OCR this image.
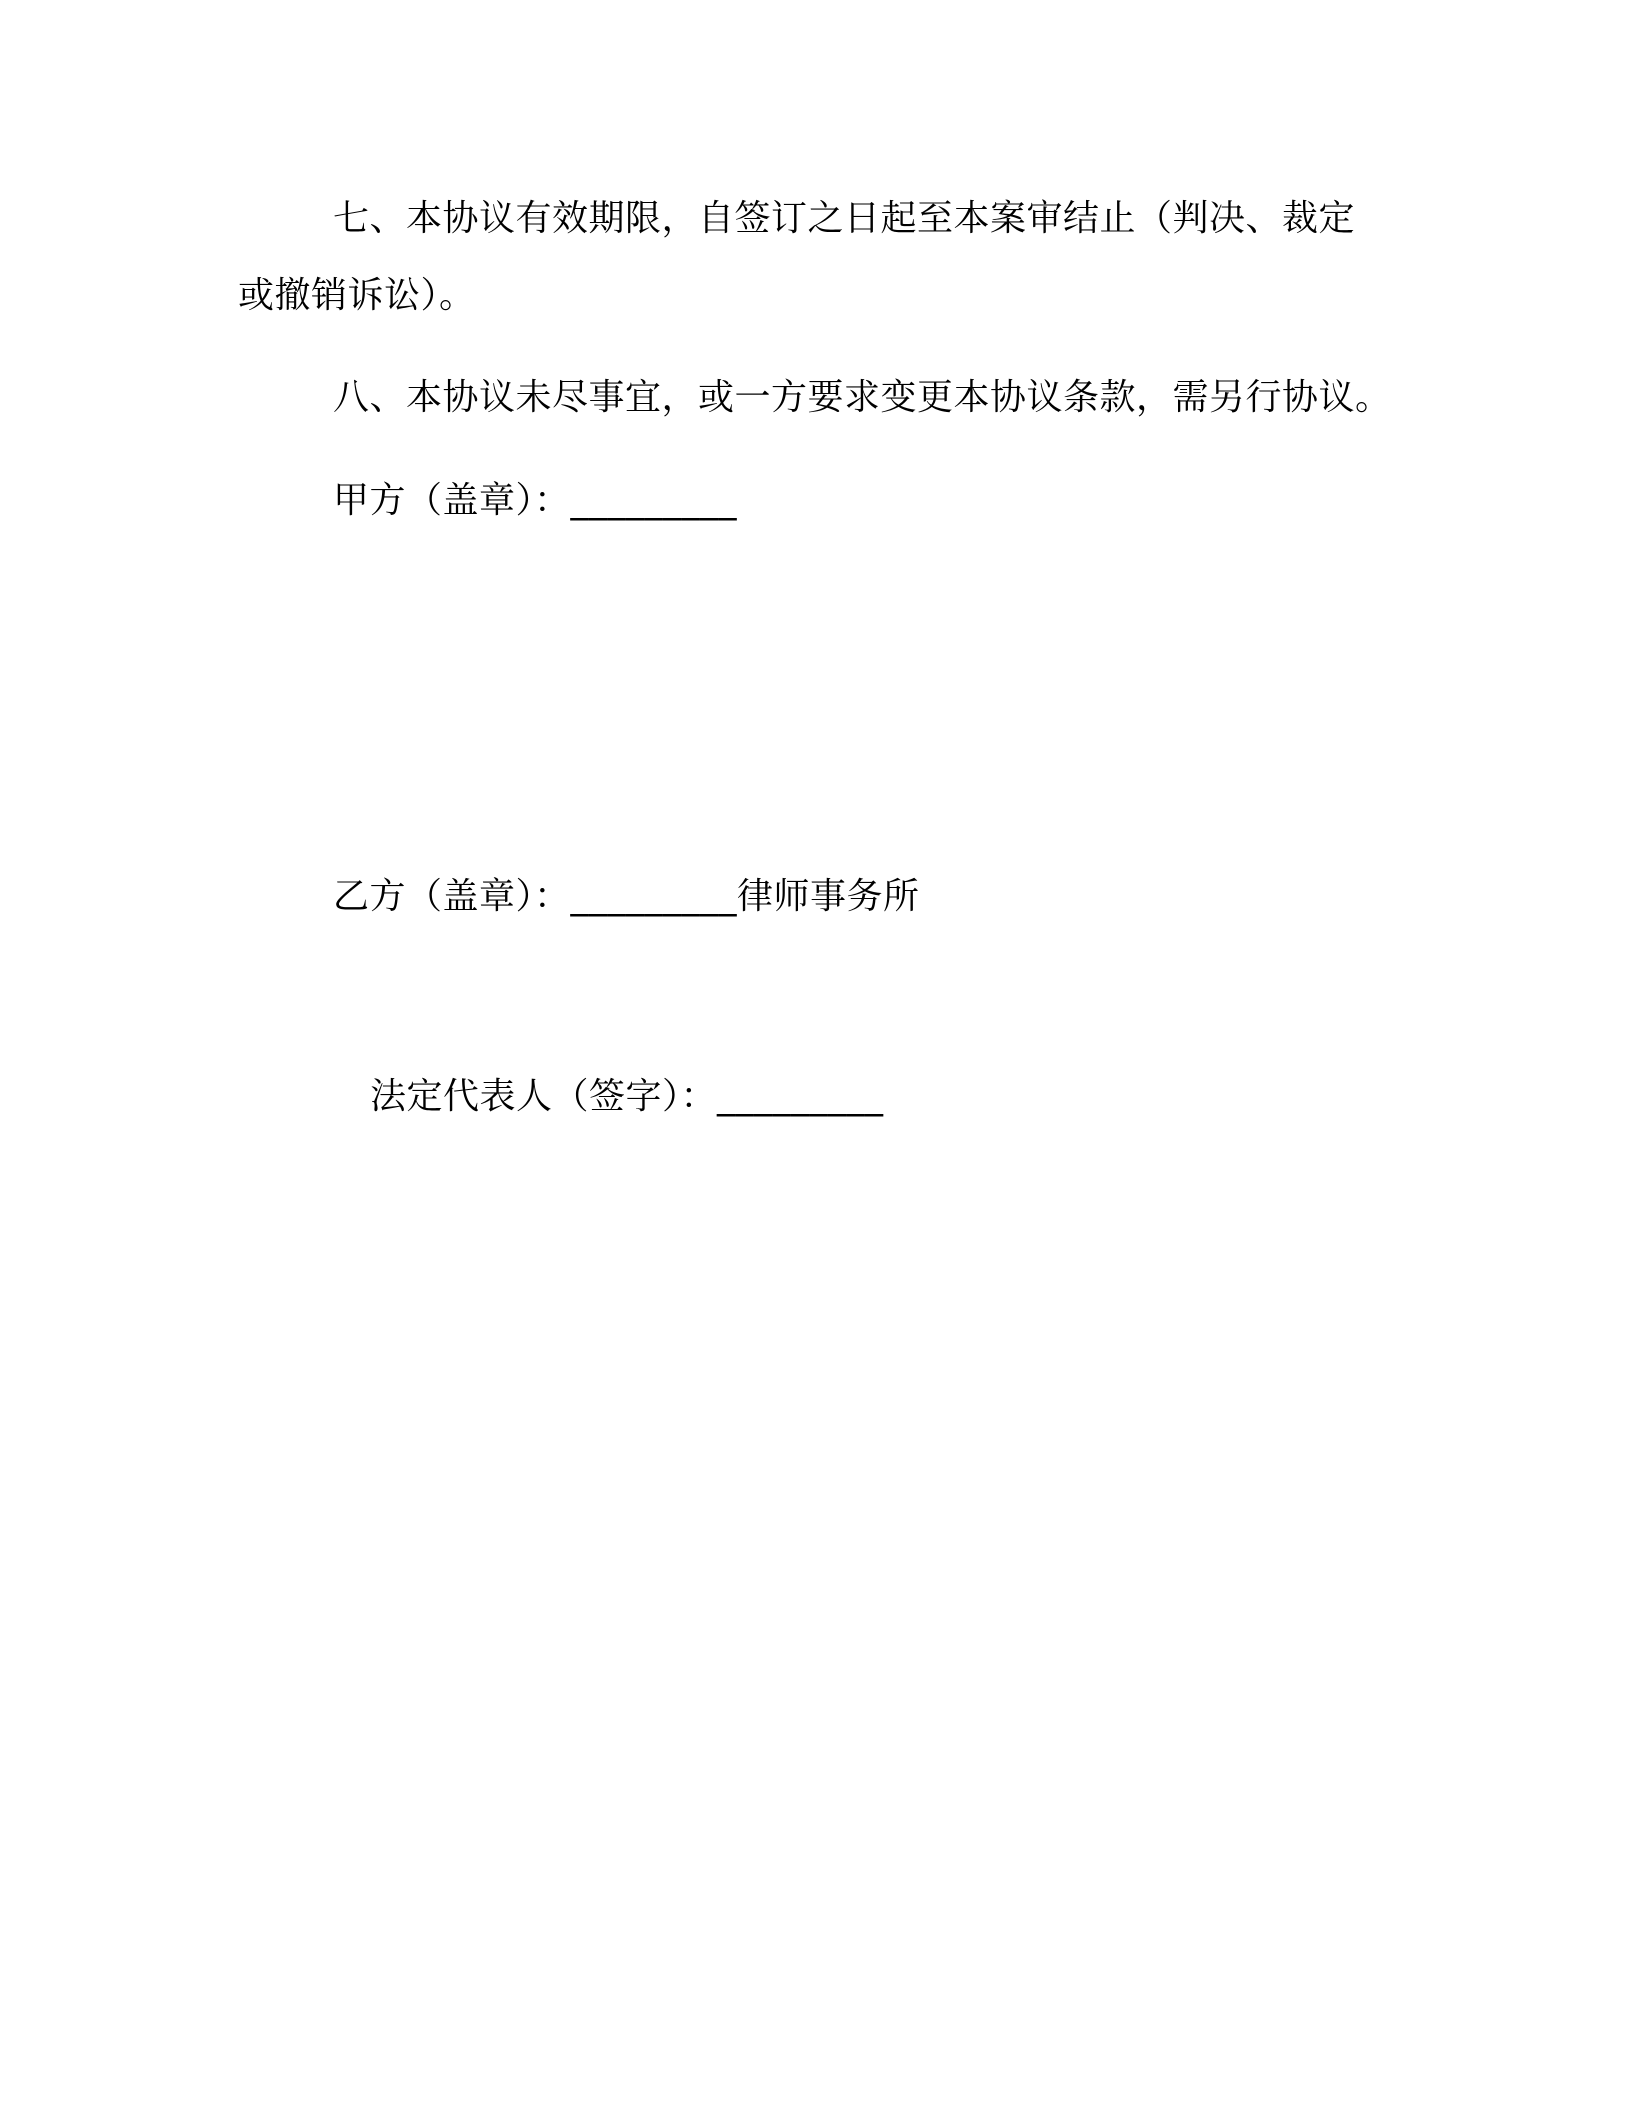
七、本协议有效期限，自签订之日起至本案审结止（判决、裁定
或撤销诉讼）。
八、本协议未尽事宜，或一方要求变更本协议条款，需另行协议。
甲方（盖章）：_________
乙方（盖章）：_________律师事务所
法定代表人（签字）：_________
